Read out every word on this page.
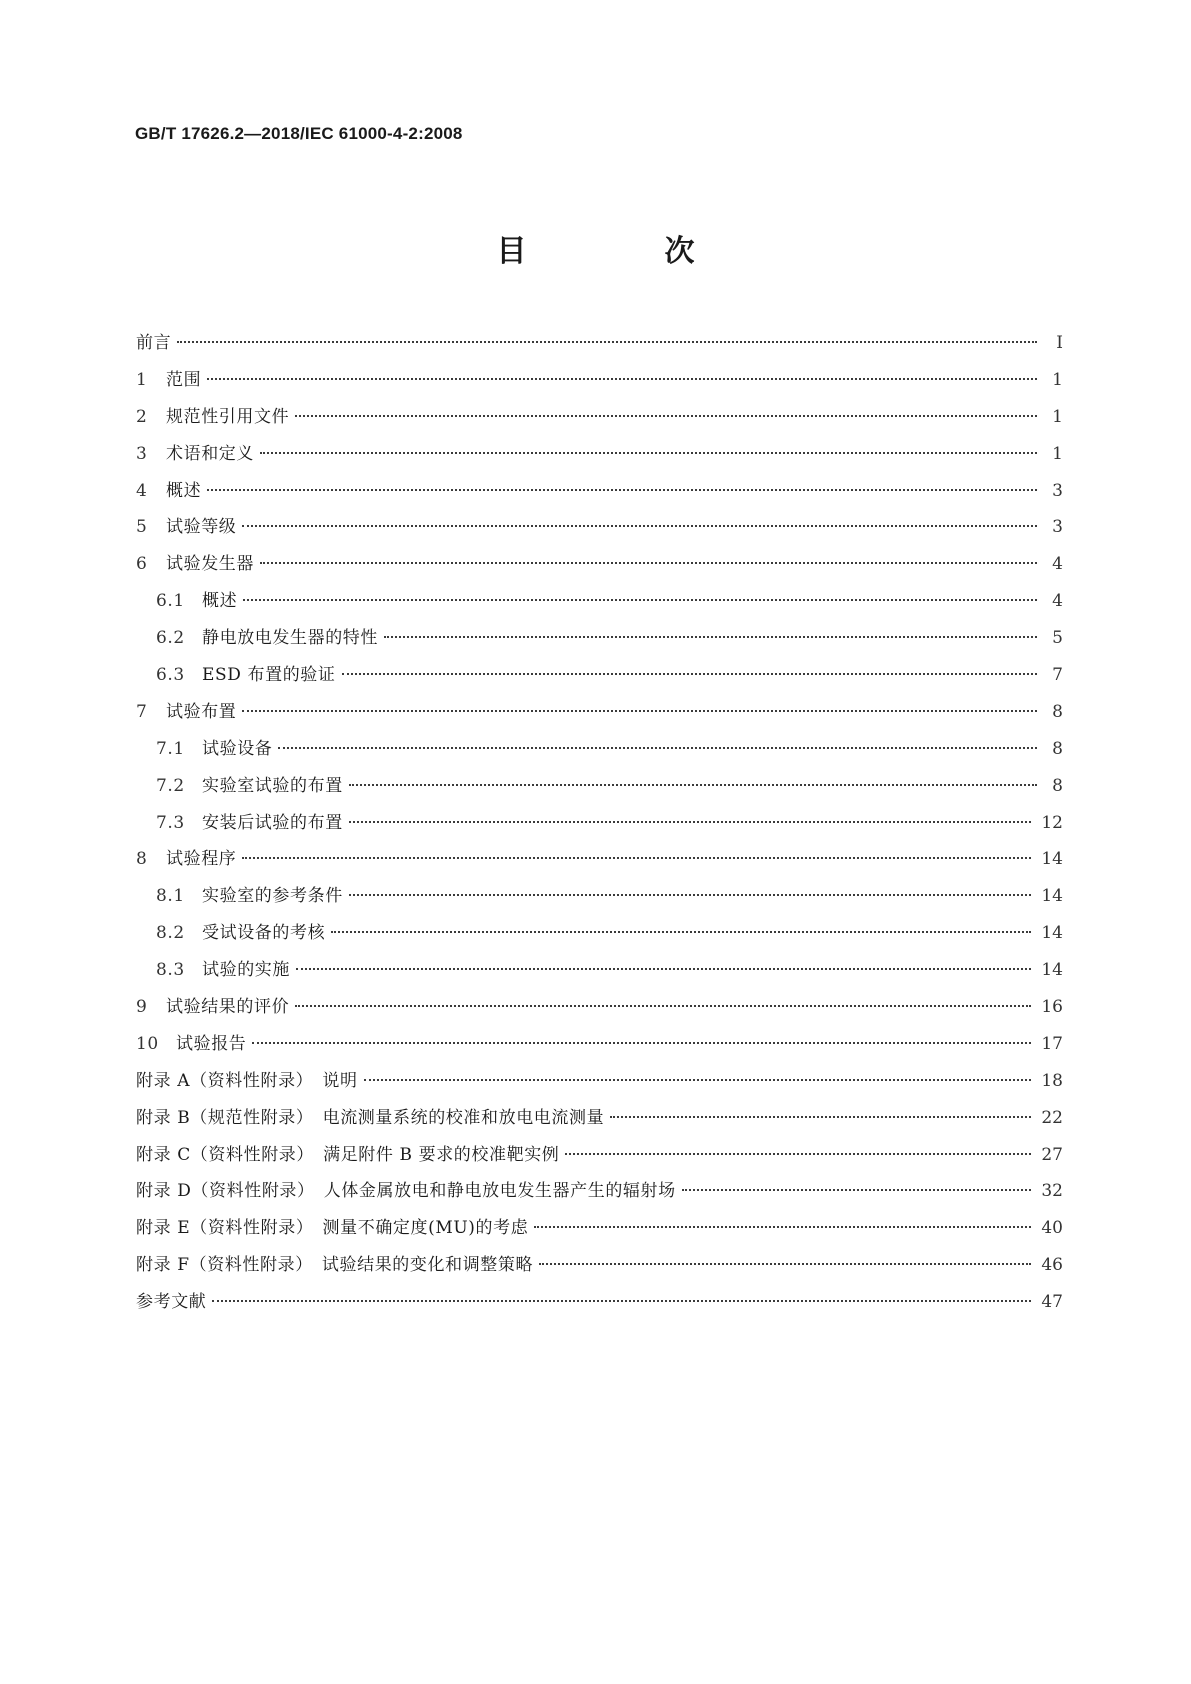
GB/T 17626.2—2018/IEC 61000-4-2:2008
目　次
前言	Ⅰ
1 范围	1
2 规范性引用文件	1
3 术语和定义	1
4 概述	3
5 试验等级	3
6 试验发生器	4
6.1 概述	4
6.2 静电放电发生器的特性	5
6.3 ESD 布置的验证	7
7 试验布置	8
7.1 试验设备	8
7.2 实验室试验的布置	8
7.3 安装后试验的布置	12
8 试验程序	14
8.1 实验室的参考条件	14
8.2 受试设备的考核	14
8.3 试验的实施	14
9 试验结果的评价	16
10 试验报告	17
附录 A（资料性附录）　说明	18
附录 B（规范性附录）　电流测量系统的校准和放电电流测量	22
附录 C（资料性附录）　满足附件 B 要求的校准靶实例	27
附录 D（资料性附录）　人体金属放电和静电放电发生器产生的辐射场	32
附录 E（资料性附录）　测量不确定度(MU)的考虑	40
附录 F（资料性附录）　试验结果的变化和调整策略	46
参考文献	47
